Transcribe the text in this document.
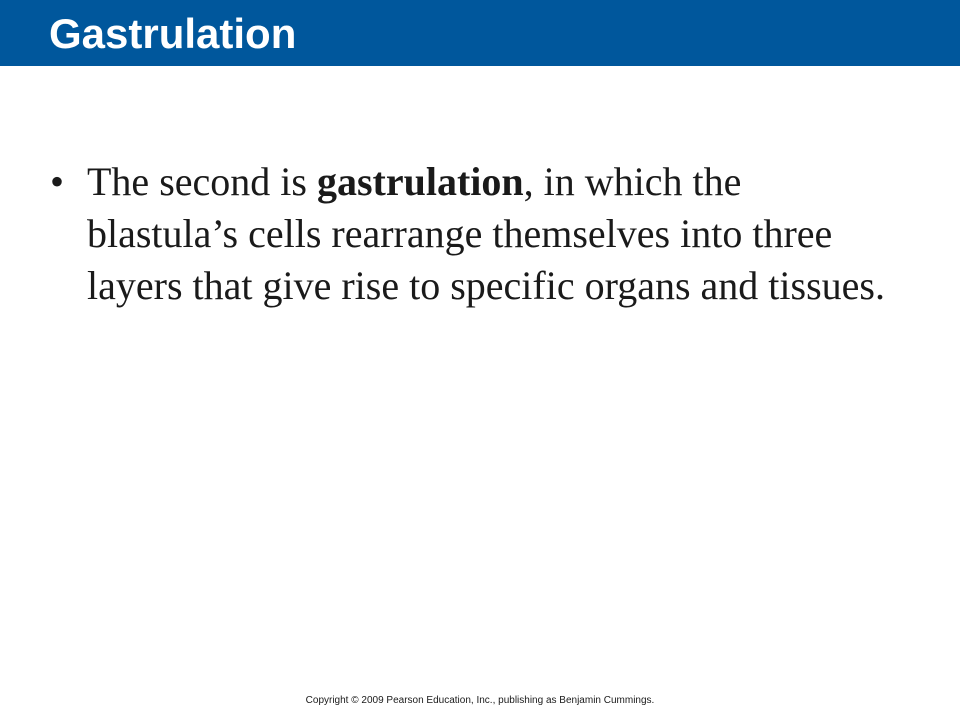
Gastrulation
• The second is gastrulation, in which the blastula’s cells rearrange themselves into three layers that give rise to specific organs and tissues.
Copyright © 2009 Pearson Education, Inc., publishing as Benjamin Cummings.
